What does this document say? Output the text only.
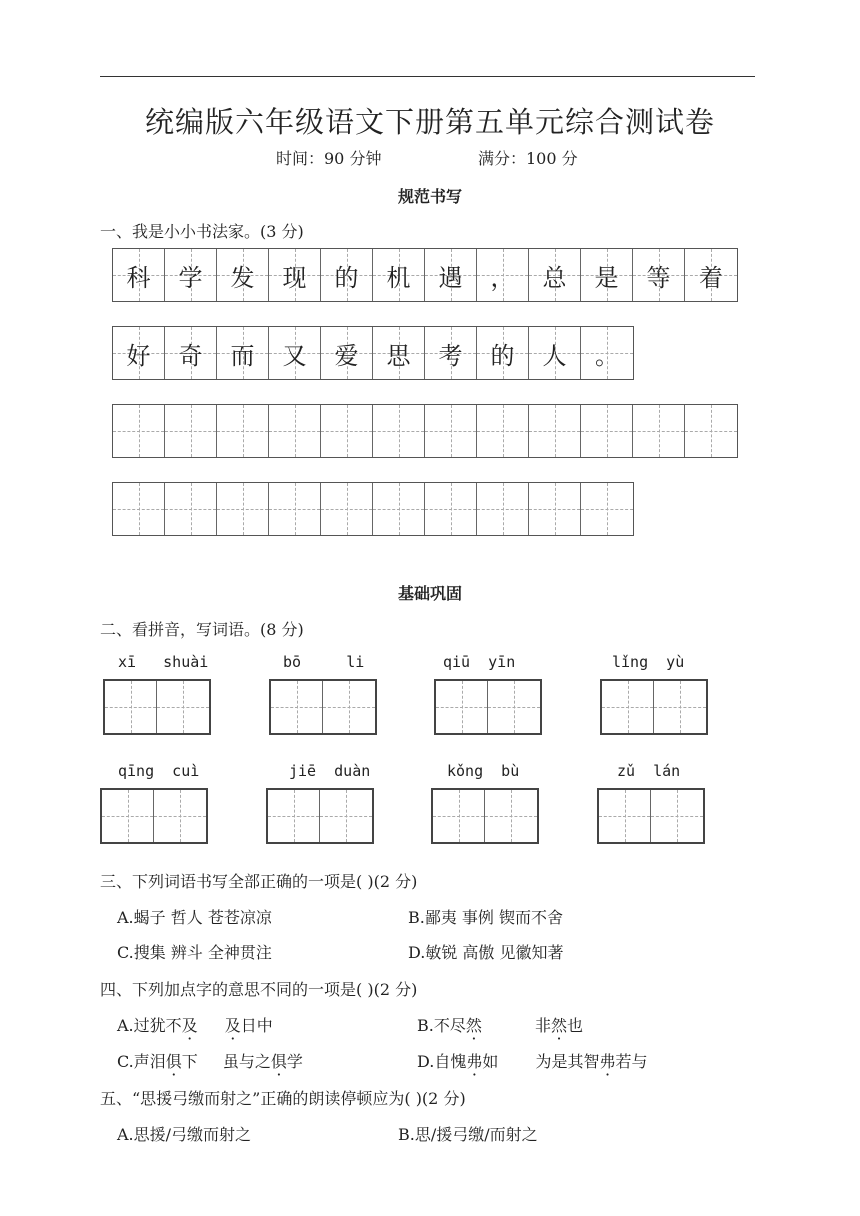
统编版六年级语文下册第五单元综合测试卷
时间：90 分钟	满分：100 分
规范书写
一、我是小小书法家。(3 分)
科 学 发 现 的 机 遇 ， 总 是 等 着
好 奇 而 又 爱 思 考 的 人 。
基础巩固
二、看拼音，写词语。(8 分)
xī   shuài	bō     li	qiū  yīn	lǐng  yù
qīng  cuì	jiē  duàn	kǒng  bù	zǔ  lán
三、下列词语书写全部正确的一项是( )(2 分)
A.蝎子 哲人 苍苍凉凉	B.鄙夷 事例 锲而不舍
C.搜集 辨斗 全神贯注	D.敏锐 高傲 见徽知著
四、下列加点字的意思不同的一项是( )(2 分)
A.过犹不及 及日中	B.不尽然	非然也
C.声泪俱下 虽与之俱学	D.自愧弗如 为是其智弗若与
五、“思援弓缴而射之”正确的朗读停顿应为( )(2 分)
A.思援/弓缴而射之	B.思/援弓缴/而射之
